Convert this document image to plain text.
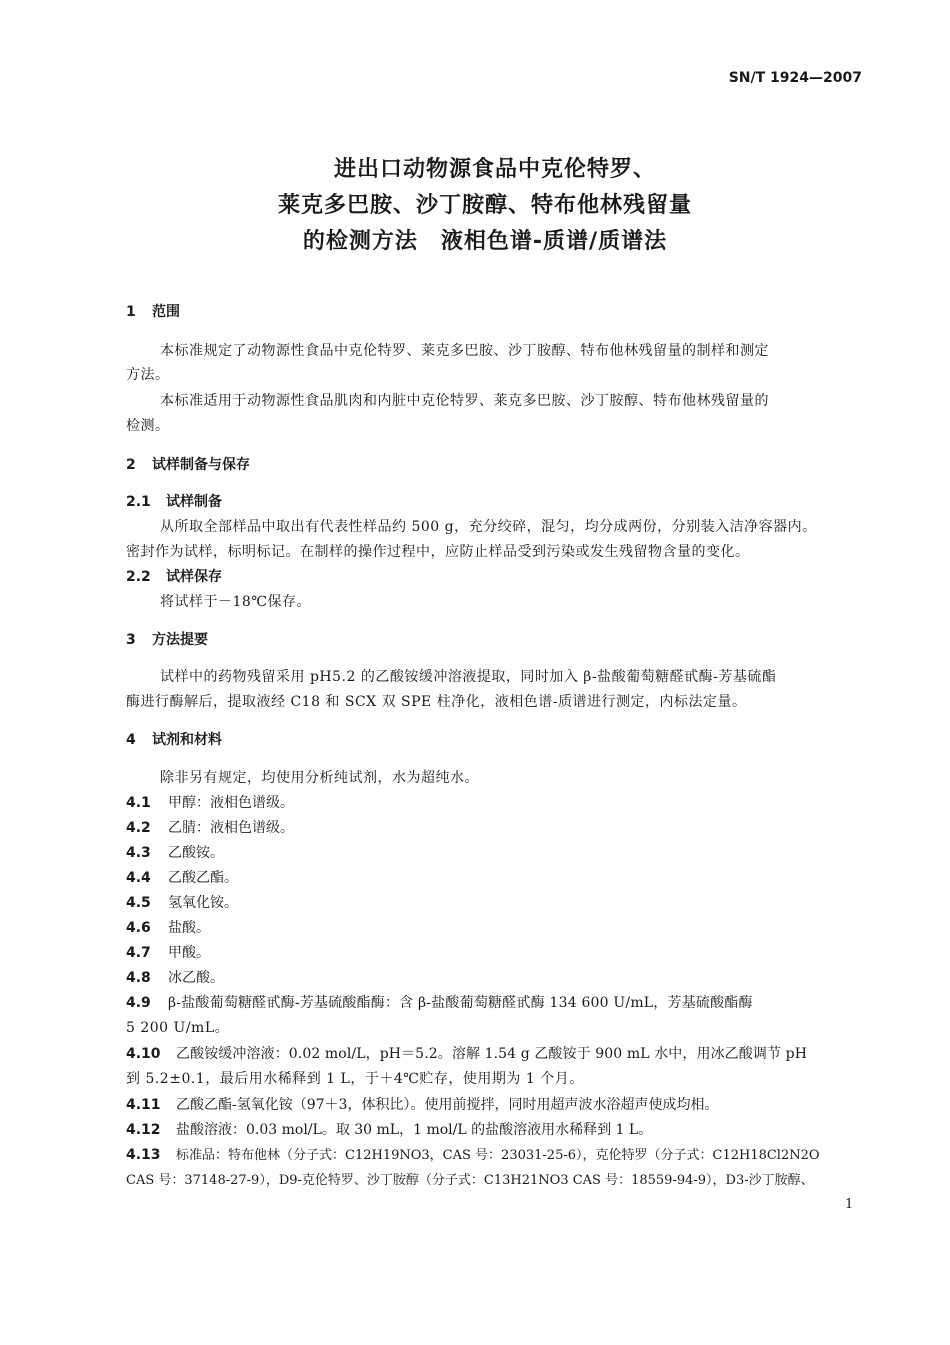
SN/T 1924—2007
进出口动物源食品中克伦特罗、
莱克多巴胺、沙丁胺醇、特布他林残留量
的检测方法　液相色谱-质谱/质谱法
1 范围
本标准规定了动物源性食品中克伦特罗、莱克多巴胺、沙丁胺醇、特布他林残留量的制样和测定
方法。
本标准适用于动物源性食品肌肉和内脏中克伦特罗、莱克多巴胺、沙丁胺醇、特布他林残留量的
检测。
2 试样制备与保存
2.1 试样制备
从所取全部样品中取出有代表性样品约 500 g，充分绞碎，混匀，均分成两份，分别装入洁净容器内。
密封作为试样，标明标记。在制样的操作过程中，应防止样品受到污染或发生残留物含量的变化。
2.2 试样保存
将试样于－18℃保存。
3 方法提要
试样中的药物残留采用 pH5.2 的乙酸铵缓冲溶液提取，同时加入 β-盐酸葡萄糖醛甙酶-芳基硫酯
酶进行酶解后，提取液经 C18 和 SCX 双 SPE 柱净化，液相色谱-质谱进行测定，内标法定量。
4 试剂和材料
除非另有规定，均使用分析纯试剂，水为超纯水。
4.1 甲醇：液相色谱级。
4.2 乙腈：液相色谱级。
4.3 乙酸铵。
4.4 乙酸乙酯。
4.5 氢氧化铵。
4.6 盐酸。
4.7 甲酸。
4.8 冰乙酸。
4.9 β-盐酸葡萄糖醛甙酶-芳基硫酸酯酶：含 β-盐酸葡萄糖醛甙酶 134 600 U/mL，芳基硫酸酯酶
5 200 U/mL。
4.10 乙酸铵缓冲溶液：0.02 mol/L，pH＝5.2。溶解 1.54 g 乙酸铵于 900 mL 水中，用冰乙酸调节 pH
到 5.2±0.1，最后用水稀释到 1 L，于＋4℃贮存，使用期为 1 个月。
4.11 乙酸乙酯-氢氧化铵（97＋3，体积比）。使用前搅拌，同时用超声波水浴超声使成均相。
4.12 盐酸溶液：0.03 mol/L。取 30 mL，1 mol/L 的盐酸溶液用水稀释到 1 L。
4.13 标准品：特布他林（分子式：C12H19NO3，CAS 号：23031-25-6），克伦特罗（分子式：C12H18Cl2N2O
CAS 号：37148-27-9），D9-克伦特罗、沙丁胺醇（分子式：C13H21NO3 CAS 号：18559-94-9），D3-沙丁胺醇、
1
